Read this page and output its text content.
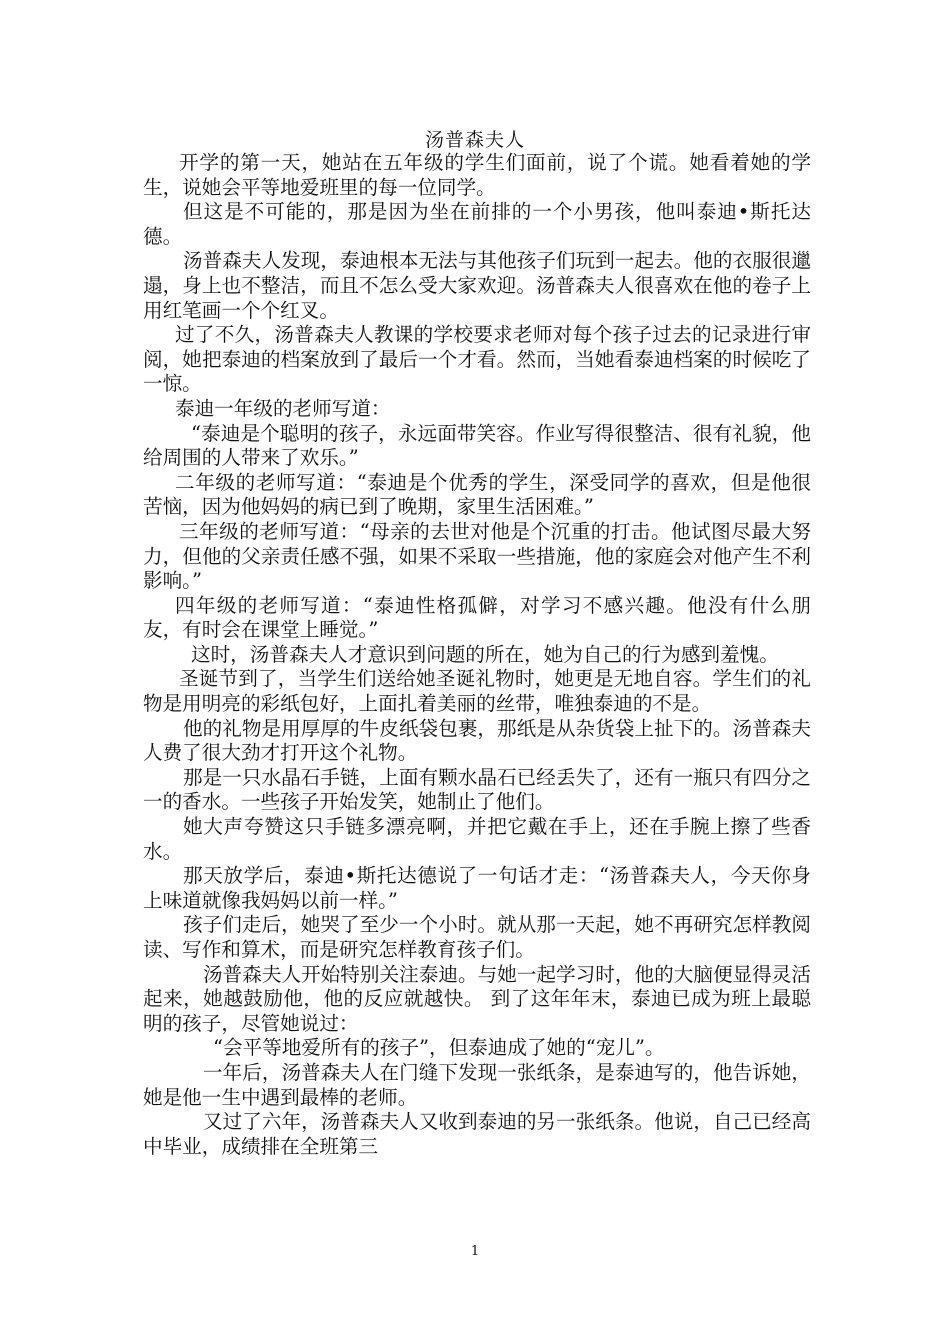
汤普森夫人

开学的第一天，她站在五年级的学生们面前，说了个谎。她看着她的学生，说她会平等地爱班里的每一位同学。

但这是不可能的，那是因为坐在前排的一个小男孩，他叫泰迪•斯托达德。

汤普森夫人发现，泰迪根本无法与其他孩子们玩到一起去。他的衣服很邋遢，身上也不整洁，而且不怎么受大家欢迎。汤普森夫人很喜欢在他的卷子上用红笔画一个个红叉。

过了不久，汤普森夫人教课的学校要求老师对每个孩子过去的记录进行审阅，她把泰迪的档案放到了最后一个才看。然而，当她看泰迪档案的时候吃了一惊。

泰迪一年级的老师写道：

“泰迪是个聪明的孩子，永远面带笑容。作业写得很整洁、很有礼貌，他给周围的人带来了欢乐。”

二年级的老师写道：“泰迪是个优秀的学生，深受同学的喜欢，但是他很苦恼，因为他妈妈的病已到了晚期，家里生活困难。”

三年级的老师写道：“母亲的去世对他是个沉重的打击。他试图尽最大努力，但他的父亲责任感不强，如果不采取一些措施，他的家庭会对他产生不利影响。”

四年级的老师写道：“泰迪性格孤僻，对学习不感兴趣。他没有什么朋友，有时会在课堂上睡觉。”

这时，汤普森夫人才意识到问题的所在，她为自己的行为感到羞愧。

圣诞节到了，当学生们送给她圣诞礼物时，她更是无地自容。学生们的礼物是用明亮的彩纸包好，上面扎着美丽的丝带，唯独泰迪的不是。

他的礼物是用厚厚的牛皮纸袋包裹，那纸是从杂货袋上扯下的。汤普森夫人费了很大劲才打开这个礼物。

那是一只水晶石手链，上面有颗水晶石已经丢失了，还有一瓶只有四分之一的香水。一些孩子开始发笑，她制止了他们。

她大声夸赞这只手链多漂亮啊，并把它戴在手上，还在手腕上擦了些香水。

那天放学后，泰迪•斯托达德说了一句话才走：“汤普森夫人，今天你身上味道就像我妈妈以前一样。”

孩子们走后，她哭了至少一个小时。就从那一天起，她不再研究怎样教阅读、写作和算术，而是研究怎样教育孩子们。

汤普森夫人开始特别关注泰迪。与她一起学习时，他的大脑便显得灵活起来，她越鼓励他，他的反应就越快。 到了这年年末，泰迪已成为班上最聪明的孩子，尽管她说过：

“会平等地爱所有的孩子”，但泰迪成了她的“宠儿”。

一年后，汤普森夫人在门缝下发现一张纸条，是泰迪写的，他告诉她，她是他一生中遇到最棒的老师。

又过了六年，汤普森夫人又收到泰迪的另一张纸条。他说，自己已经高中毕业，成绩排在全班第三

1
